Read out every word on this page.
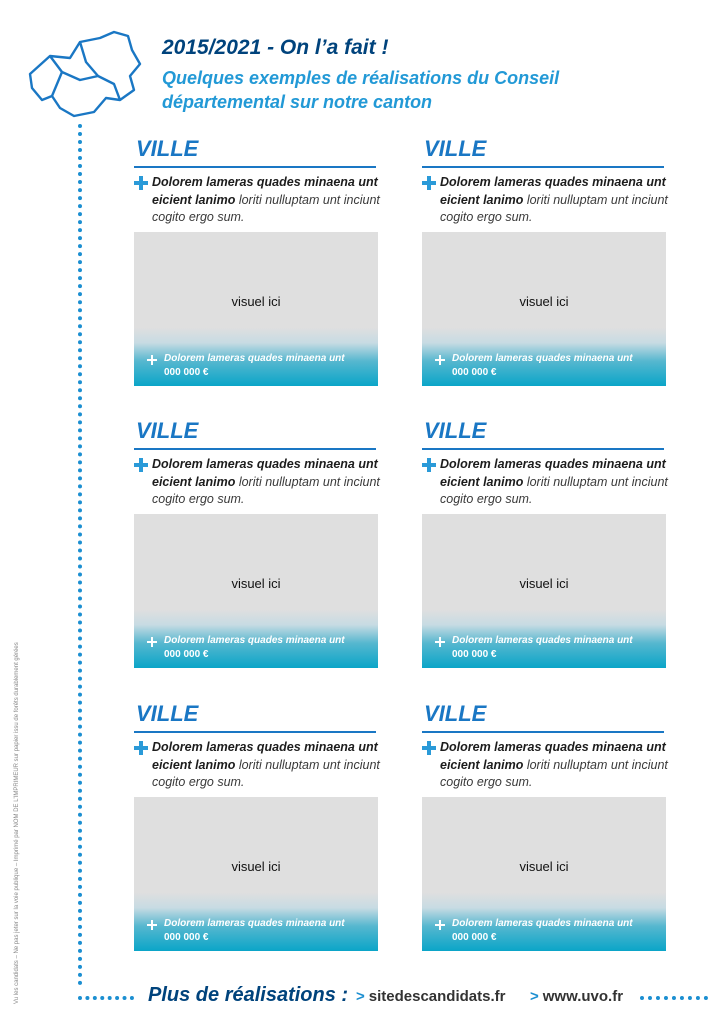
2015/2021 - On l’a fait !
Quelques exemples de réalisations du Conseil
départemental sur notre canton
Vu les candidats – Ne pas jeter sur la voie publique – Imprimé par NOM DE L'IMPRIMEUR sur papier issu de forêts durablement gérées
VILLE

Dolorem lameras quades minaena unt eicient lanimo loriti nulluptam unt inciunt cogito ergo sum.

visuel ici
Dolorem lameras quades minaena unt
000 000 €
VILLE

Dolorem lameras quades minaena unt eicient lanimo loriti nulluptam unt inciunt cogito ergo sum.

visuel ici
Dolorem lameras quades minaena unt
000 000 €
VILLE

Dolorem lameras quades minaena unt eicient lanimo loriti nulluptam unt inciunt cogito ergo sum.

visuel ici
Dolorem lameras quades minaena unt
000 000 €
VILLE

Dolorem lameras quades minaena unt eicient lanimo loriti nulluptam unt inciunt cogito ergo sum.

visuel ici
Dolorem lameras quades minaena unt
000 000 €
VILLE

Dolorem lameras quades minaena unt eicient lanimo loriti nulluptam unt inciunt cogito ergo sum.

visuel ici
Dolorem lameras quades minaena unt
000 000 €
VILLE

Dolorem lameras quades minaena unt eicient lanimo loriti nulluptam unt inciunt cogito ergo sum.

visuel ici
Dolorem lameras quades minaena unt
000 000 €
Plus de réalisations : > sitedescandidats.fr > www.uvo.fr
